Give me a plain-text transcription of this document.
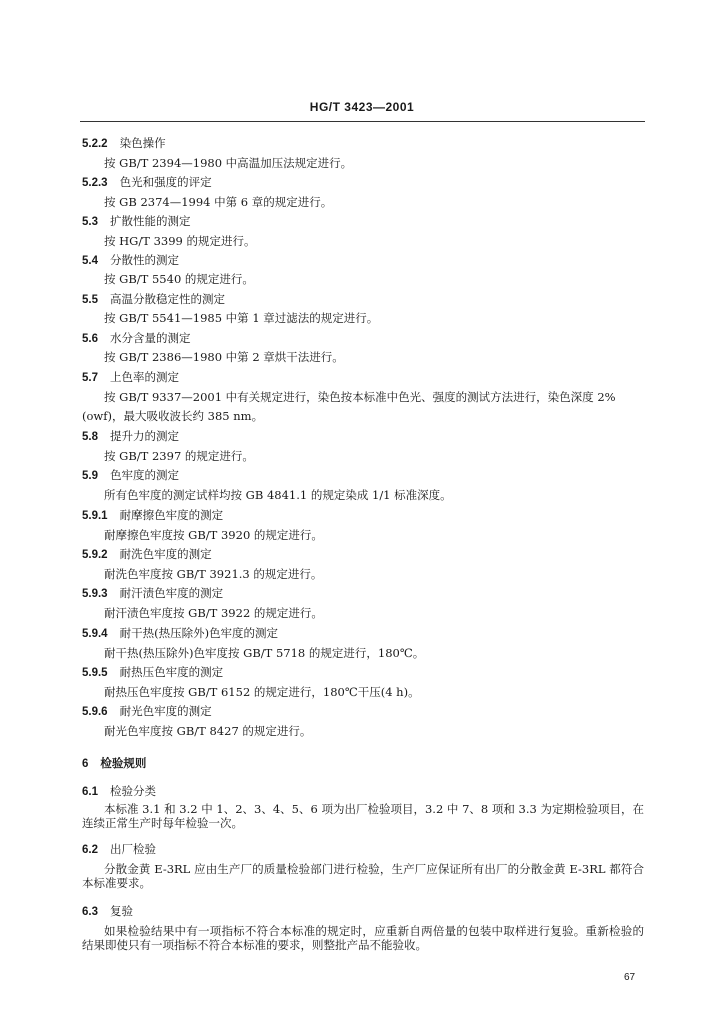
HG/T 3423—2001
5.2.2 染色操作
按 GB/T 2394—1980 中高温加压法规定进行。
5.2.3 色光和强度的评定
按 GB 2374—1994 中第 6 章的规定进行。
5.3 扩散性能的测定
按 HG/T 3399 的规定进行。
5.4 分散性的测定
按 GB/T 5540 的规定进行。
5.5 高温分散稳定性的测定
按 GB/T 5541—1985 中第 1 章过滤法的规定进行。
5.6 水分含量的测定
按 GB/T 2386—1980 中第 2 章烘干法进行。
5.7 上色率的测定
按 GB/T 9337—2001 中有关规定进行，染色按本标准中色光、强度的测试方法进行，染色深度 2%
(owf)，最大吸收波长约 385 nm。
5.8 提升力的测定
按 GB/T 2397 的规定进行。
5.9 色牢度的测定
所有色牢度的测定试样均按 GB 4841.1 的规定染成 1/1 标准深度。
5.9.1 耐摩擦色牢度的测定
耐摩擦色牢度按 GB/T 3920 的规定进行。
5.9.2 耐洗色牢度的测定
耐洗色牢度按 GB/T 3921.3 的规定进行。
5.9.3 耐汗渍色牢度的测定
耐汗渍色牢度按 GB/T 3922 的规定进行。
5.9.4 耐干热(热压除外)色牢度的测定
耐干热(热压除外)色牢度按 GB/T 5718 的规定进行，180℃。
5.9.5 耐热压色牢度的测定
耐热压色牢度按 GB/T 6152 的规定进行，180℃干压(4 h)。
5.9.6 耐光色牢度的测定
耐光色牢度按 GB/T 8427 的规定进行。
6 检验规则
6.1 检验分类
本标准 3.1 和 3.2 中 1、2、3、4、5、6 项为出厂检验项目，3.2 中 7、8 项和 3.3 为定期检验项目，在连续正常生产时每年检验一次。
6.2 出厂检验
分散金黄 E-3RL 应由生产厂的质量检验部门进行检验，生产厂应保证所有出厂的分散金黄 E-3RL 都符合本标准要求。
6.3 复验
如果检验结果中有一项指标不符合本标准的规定时，应重新自两倍量的包装中取样进行复验。重新检验的结果即使只有一项指标不符合本标准的要求，则整批产品不能验收。
67
